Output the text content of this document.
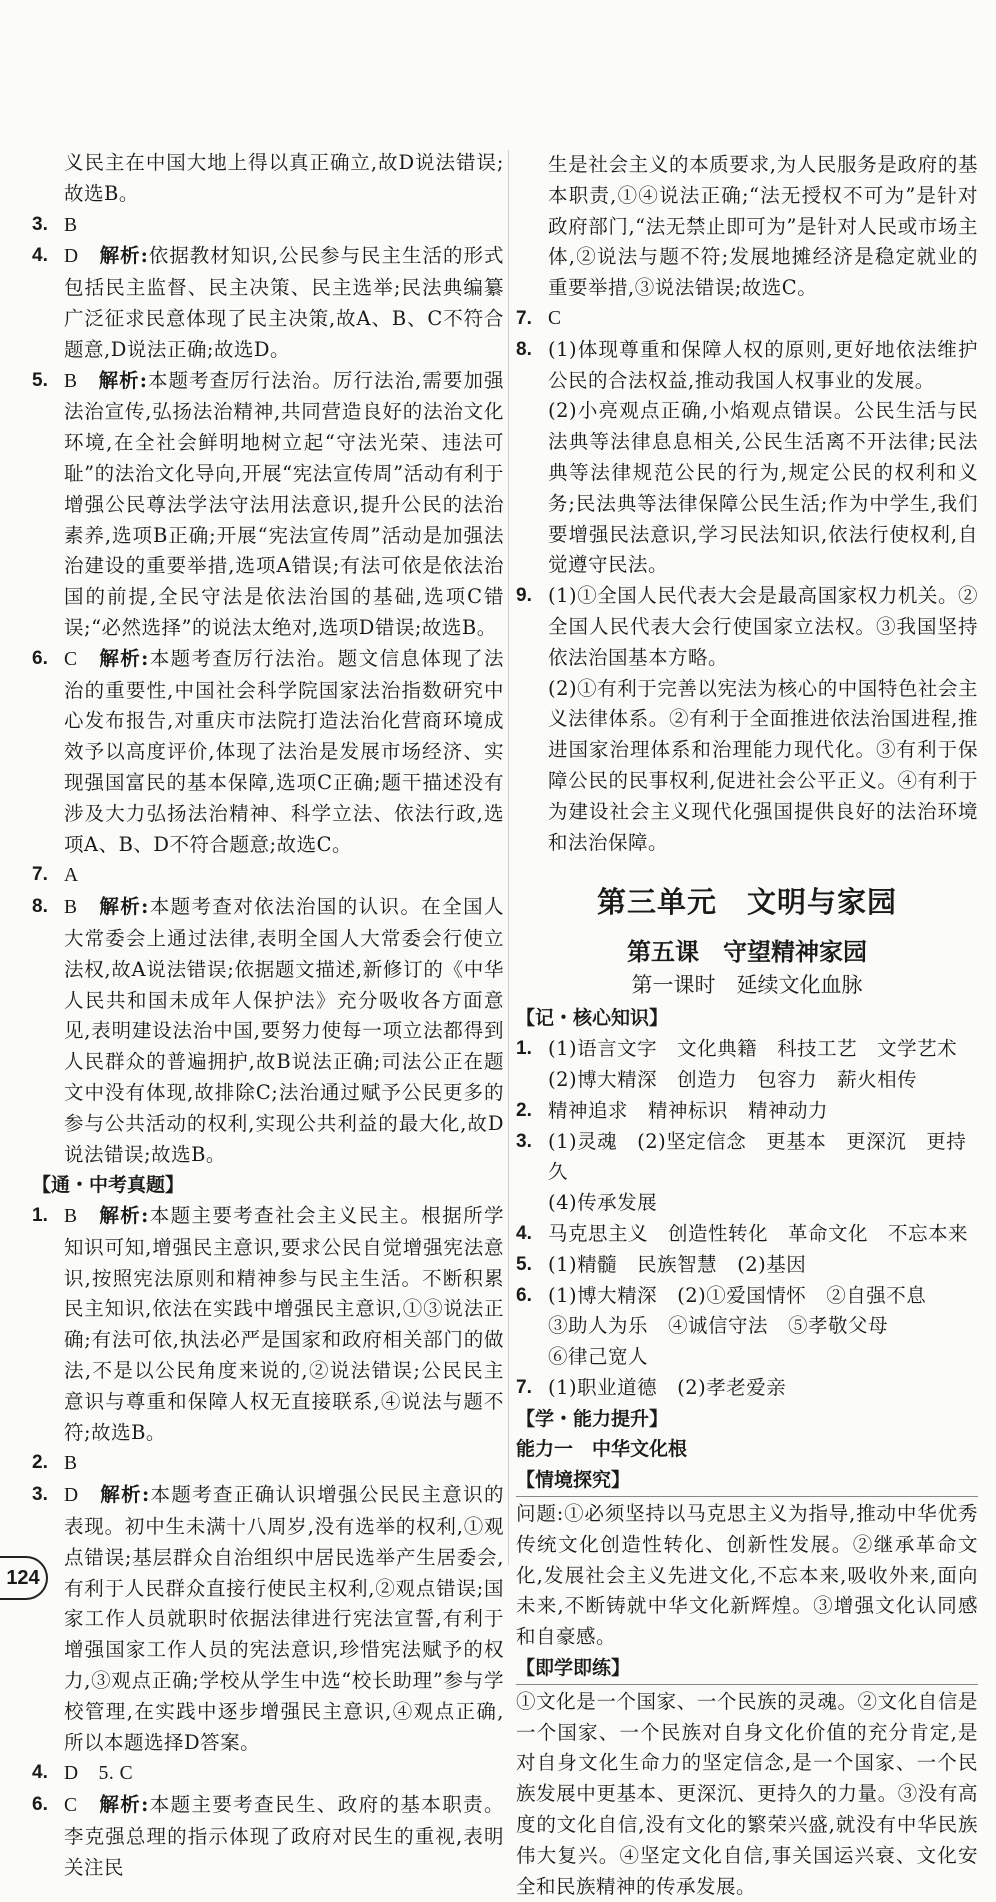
义民主在中国大地上得以真正确立,故D说法错误;故选B。

3. B
4. D　 解析:依据教材知识,公民参与民主生活的形式包括民主监督、民主决策、民主选举;民法典编纂广泛征求民意体现了民主决策,故A、B、C不符合题意,D说法正确;故选D。
5. B　 解析:本题考查厉行法治。厉行法治,需要加强法治宣传,弘扬法治精神,共同营造良好的法治文化环境,在全社会鲜明地树立起“守法光荣、违法可耻”的法治文化导向,开展“宪法宣传周”活动有利于增强公民尊法学法守法用法意识,提升公民的法治素养,选项B正确;开展“宪法宣传周”活动是加强法治建设的重要举措,选项A错误;有法可依是依法治国的前提,全民守法是依法治国的基础,选项C错误;“必然选择”的说法太绝对,选项D错误;故选B。
6. C　 解析:本题考查厉行法治。题文信息体现了法治的重要性,中国社会科学院国家法治指数研究中心发布报告,对重庆市法院打造法治化营商环境成效予以高度评价,体现了法治是发展市场经济、实现强国富民的基本保障,选项C正确;题干描述没有涉及大力弘扬法治精神、科学立法、依法行政,选项A、B、D不符合题意;故选C。
7. A
8. B　 解析:本题考查对依法治国的认识。在全国人大常委会上通过法律,表明全国人大常委会行使立法权,故A说法错误;依据题文描述,新修订的《中华人民共和国未成年人保护法》充分吸收各方面意见,表明建设法治中国,要努力使每一项立法都得到人民群众的普遍拥护,故B说法正确;司法公正在题文中没有体现,故排除C;法治通过赋予公民更多的参与公共活动的权利,实现公共利益的最大化,故D说法错误;故选B。
【通・中考真题】
1. B　 解析:本题主要考查社会主义民主。根据所学知识可知,增强民主意识,要求公民自觉增强宪法意识,按照宪法原则和精神参与民主生活。不断积累民主知识,依法在实践中增强民主意识,①③说法正确;有法可依,执法必严是国家和政府相关部门的做法,不是以公民角度来说的,②说法错误;公民民主意识与尊重和保障人权无直接联系,④说法与题不符;故选B。
2. B
3. D　 解析:本题考查正确认识增强公民民主意识的表现。初中生未满十八周岁,没有选举的权利,①观点错误;基层群众自治组织中居民选举产生居委会,有利于人民群众直接行使民主权利,②观点错误;国家工作人员就职时依据法律进行宪法宣誓,有利于增强国家工作人员的宪法意识,珍惜宪法赋予的权力,③观点正确;学校从学生中选“校长助理”参与学校管理,在实践中逐步增强民主意识,④观点正确,所以本题选择D答案。
4. D　5. C
6. C　 解析:本题主要考查民生、政府的基本职责。李克强总理的指示体现了政府对民生的重视,表明关注民

生是社会主义的本质要求,为人民服务是政府的基本职责,①④说法正确;“法无授权不可为”是针对政府部门,“法无禁止即可为”是针对人民或市场主体,②说法与题不符;发展地摊经济是稳定就业的重要举措,③说法错误;故选C。

7. C
8. (1)体现尊重和保障人权的原则,更好地依法维护公民的合法权益,推动我国人权事业的发展。
(2)小亮观点正确,小焰观点错误。公民生活与民法典等法律息息相关,公民生活离不开法律;民法典等法律规范公民的行为,规定公民的权利和义务;民法典等法律保障公民生活;作为中学生,我们要增强民法意识,学习民法知识,依法行使权利,自觉遵守民法。
9. (1)①全国人民代表大会是最高国家权力机关。②全国人民代表大会行使国家立法权。③我国坚持依法治国基本方略。
(2)①有利于完善以宪法为核心的中国特色社会主义法律体系。②有利于全面推进依法治国进程,推进国家治理体系和治理能力现代化。③有利于保障公民的民事权利,促进社会公平正义。④有利于为建设社会主义现代化强国提供良好的法治环境和法治保障。
第三单元　文明与家园
第五课　守望精神家园
第一课时　延续文化血脉
【记・核心知识】
1. (1)语言文字　文化典籍　科技工艺　文学艺术
(2)博大精深　创造力　包容力　薪火相传
2. 精神追求　精神标识　精神动力
3. (1)灵魂　(2)坚定信念　更基本　更深沉　更持久
(4)传承发展
4. 马克思主义　创造性转化　革命文化　不忘本来
5. (1)精髓　民族智慧　(2)基因
6. (1)博大精深　(2)①爱国情怀　②自强不息
③助人为乐　④诚信守法　⑤孝敬父母
⑥律己宽人
7. (1)职业道德　(2)孝老爱亲
【学・能力提升】
能力一　中华文化根
【情境探究】

问题:①必须坚持以马克思主义为指导,推动中华优秀传统文化创造性转化、创新性发展。②继承革命文化,发展社会主义先进文化,不忘本来,吸收外来,面向未来,不断铸就中华文化新辉煌。③增强文化认同感和自豪感。

【即学即练】

①文化是一个国家、一个民族的灵魂。②文化自信是一个国家、一个民族对自身文化价值的充分肯定,是对自身文化生命力的坚定信念,是一个国家、一个民族发展中更基本、更深沉、更持久的力量。③没有高度的文化自信,没有文化的繁荣兴盛,就没有中华民族伟大复兴。④坚定文化自信,事关国运兴衰、文化安全和民族精神的传承发展。

124
